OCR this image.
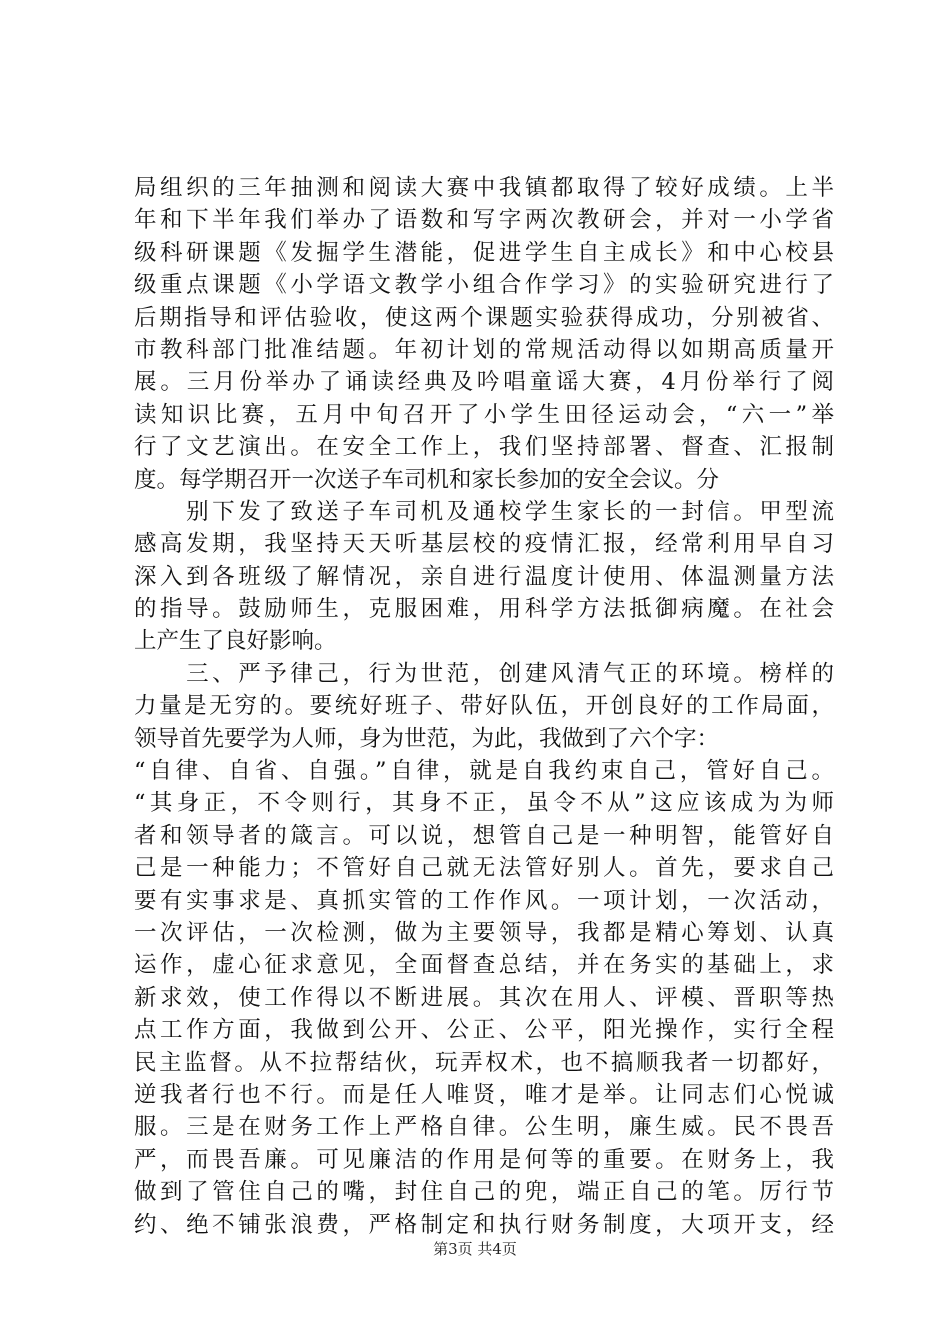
局组织的三年抽测和阅读大赛中我镇都取得了较好成绩。上半
年和下半年我们举办了语数和写字两次教研会，并对一小学省
级科研课题《发掘学生潜能，促进学生自主成长》和中心校县
级重点课题《小学语文教学小组合作学习》的实验研究进行了
后期指导和评估验收，使这两个课题实验获得成功，分别被省、
市教科部门批准结题。年初计划的常规活动得以如期高质量开
展。三月份举办了诵读经典及吟唱童谣大赛，4月份举行了阅
读知识比赛，五月中旬召开了小学生田径运动会，“六一”举
行了文艺演出。在安全工作上，我们坚持部署、督查、汇报制
度。每学期召开一次送子车司机和家长参加的安全会议。分
　　别下发了致送子车司机及通校学生家长的一封信。甲型流
感高发期，我坚持天天听基层校的疫情汇报，经常利用早自习
深入到各班级了解情况，亲自进行温度计使用、体温测量方法
的指导。鼓励师生，克服困难，用科学方法抵御病魔。在社会
上产生了良好影响。
　　三、严予律己，行为世范，创建风清气正的环境。榜样的
力量是无穷的。要统好班子、带好队伍，开创良好的工作局面，
领导首先要学为人师，身为世范，为此，我做到了六个字：
“自律、自省、自强。”自律，就是自我约束自己，管好自己。
“其身正，不令则行，其身不正，虽令不从”这应该成为为师
者和领导者的箴言。可以说，想管自己是一种明智，能管好自
己是一种能力；不管好自己就无法管好别人。首先，要求自己
要有实事求是、真抓实管的工作作风。一项计划，一次活动，
一次评估，一次检测，做为主要领导，我都是精心筹划、认真
运作，虚心征求意见，全面督查总结，并在务实的基础上，求
新求效，使工作得以不断进展。其次在用人、评模、晋职等热
点工作方面，我做到公开、公正、公平，阳光操作，实行全程
民主监督。从不拉帮结伙，玩弄权术，也不搞顺我者一切都好，
逆我者行也不行。而是任人唯贤，唯才是举。让同志们心悦诚
服。三是在财务工作上严格自律。公生明，廉生威。民不畏吾
严，而畏吾廉。可见廉洁的作用是何等的重要。在财务上，我
做到了管住自己的嘴，封住自己的兜，端正自己的笔。厉行节
约、绝不铺张浪费，严格制定和执行财务制度，大项开支，经
第3页 共4页
